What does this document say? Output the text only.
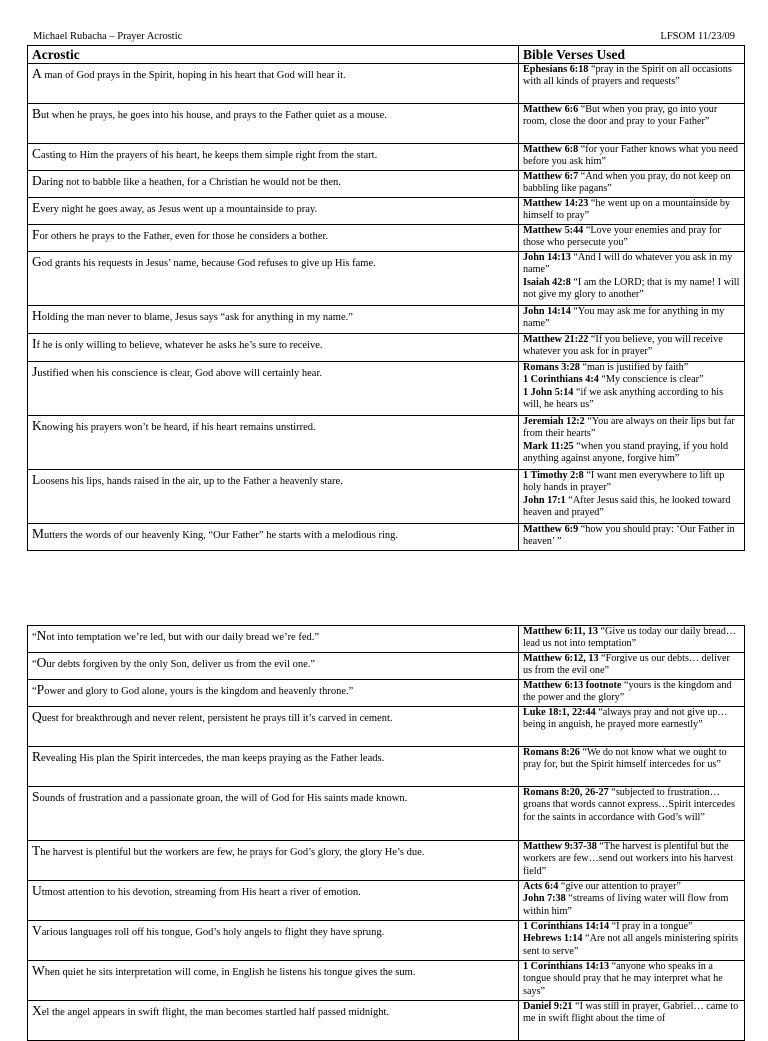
Michael Rubacha – Prayer Acrostic	LFSOM 11/23/09
Acrostic	Bible Verses Used
A man of God prays in the Spirit, hoping in his heart that God will hear it.	Ephesians 6:18 “pray in the Spirit on all occasions with all kinds of prayers and requests”

But when he prays, he goes into his house, and prays to the Father quiet as a mouse.	Matthew 6:6 “But when you pray, go into your room, close the door and pray to your Father”

Casting to Him the prayers of his heart, he keeps them simple right from the start.	Matthew 6:8 “for your Father knows what you need before you ask him”

Daring not to babble like a heathen, for a Christian he would not be then.	Matthew 6:7 “And when you pray, do not keep on babbling like pagans”

Every night he goes away, as Jesus went up a mountainside to pray.	Matthew 14:23 “he went up on a mountainside by himself to pray”

For others he prays to the Father, even for those he considers a bother.	Matthew 5:44 “Love your enemies and pray for those who persecute you”

God grants his requests in Jesus’ name, because God refuses to give up His fame.	John 14:13 “And I will do whatever you ask in my name”
Isaiah 42:8 “I am the LORD; that is my name! I will not give my glory to another”

Holding the man never to blame, Jesus says “ask for anything in my name.”	John 14:14 “You may ask me for anything in my name”

If he is only willing to believe, whatever he asks he’s sure to receive.	Matthew 21:22 “If you believe, you will receive whatever you ask for in prayer”

Justified when his conscience is clear, God above will certainly hear.	Romans 3:28 “man is justified by faith”
1 Corinthians 4:4 “My conscience is clear”
1 John 5:14 “if we ask anything according to his will, he hears us”

Knowing his prayers won’t be heard, if his heart remains unstirred.	Jeremiah 12:2 “You are always on their lips but far from their hearts”
Mark 11:25 “when you stand praying, if you hold anything against anyone, forgive him”

Loosens his lips, hands raised in the air, up to the Father a heavenly stare.	1 Timothy 2:8 “I want men everywhere to lift up holy hands in prayer”
John 17:1 “After Jesus said this, he looked toward heaven and prayed”

Mutters the words of our heavenly King, “Our Father” he starts with a melodious ring.	Matthew 6:9 “how you should pray: ‘Our Father in heaven’ ”
“Not into temptation we’re led, but with our daily bread we’re fed.”	Matthew 6:11, 13 “Give us today our daily bread… lead us not into temptation”

“Our debts forgiven by the only Son, deliver us from the evil one.”	Matthew 6:12, 13 “Forgive us our debts… deliver us from the evil one”

“Power and glory to God alone, yours is the kingdom and heavenly throne.”	Matthew 6:13 footnote “yours is the kingdom and the power and the glory”

Quest for breakthrough and never relent, persistent he prays till it’s carved in cement.	Luke 18:1, 22:44 “always pray and not give up…being in anguish, he prayed more earnestly”

Revealing His plan the Spirit intercedes, the man keeps praying as the Father leads.	Romans 8:26 “We do not know what we ought to pray for, but the Spirit himself intercedes for us”

Sounds of frustration and a passionate groan, the will of God for His saints made known.	Romans 8:20, 26-27 “subjected to frustration…groans that words cannot express…Spirit intercedes for the saints in accordance with God’s will”

The harvest is plentiful but the workers are few, he prays for God’s glory, the glory He’s due.	Matthew 9:37-38 “The harvest is plentiful but the workers are few…send out workers into his harvest field”

Utmost attention to his devotion, streaming from His heart a river of emotion.	Acts 6:4 “give our attention to prayer”
John 7:38 “streams of living water will flow from within him”

Various languages roll off his tongue, God’s holy angels to flight they have sprung.	1 Corinthians 14:14 “I pray in a tongue”
Hebrews 1:14 “Are not all angels ministering spirits sent to serve”

When quiet he sits interpretation will come, in English he listens his tongue gives the sum.	1 Corinthians 14:13 “anyone who speaks in a tongue should pray that he may interpret what he says”

Xel the angel appears in swift flight, the man becomes startled half passed midnight.	Daniel 9:21 “I was still in prayer, Gabriel… came to me in swift flight about the time of
